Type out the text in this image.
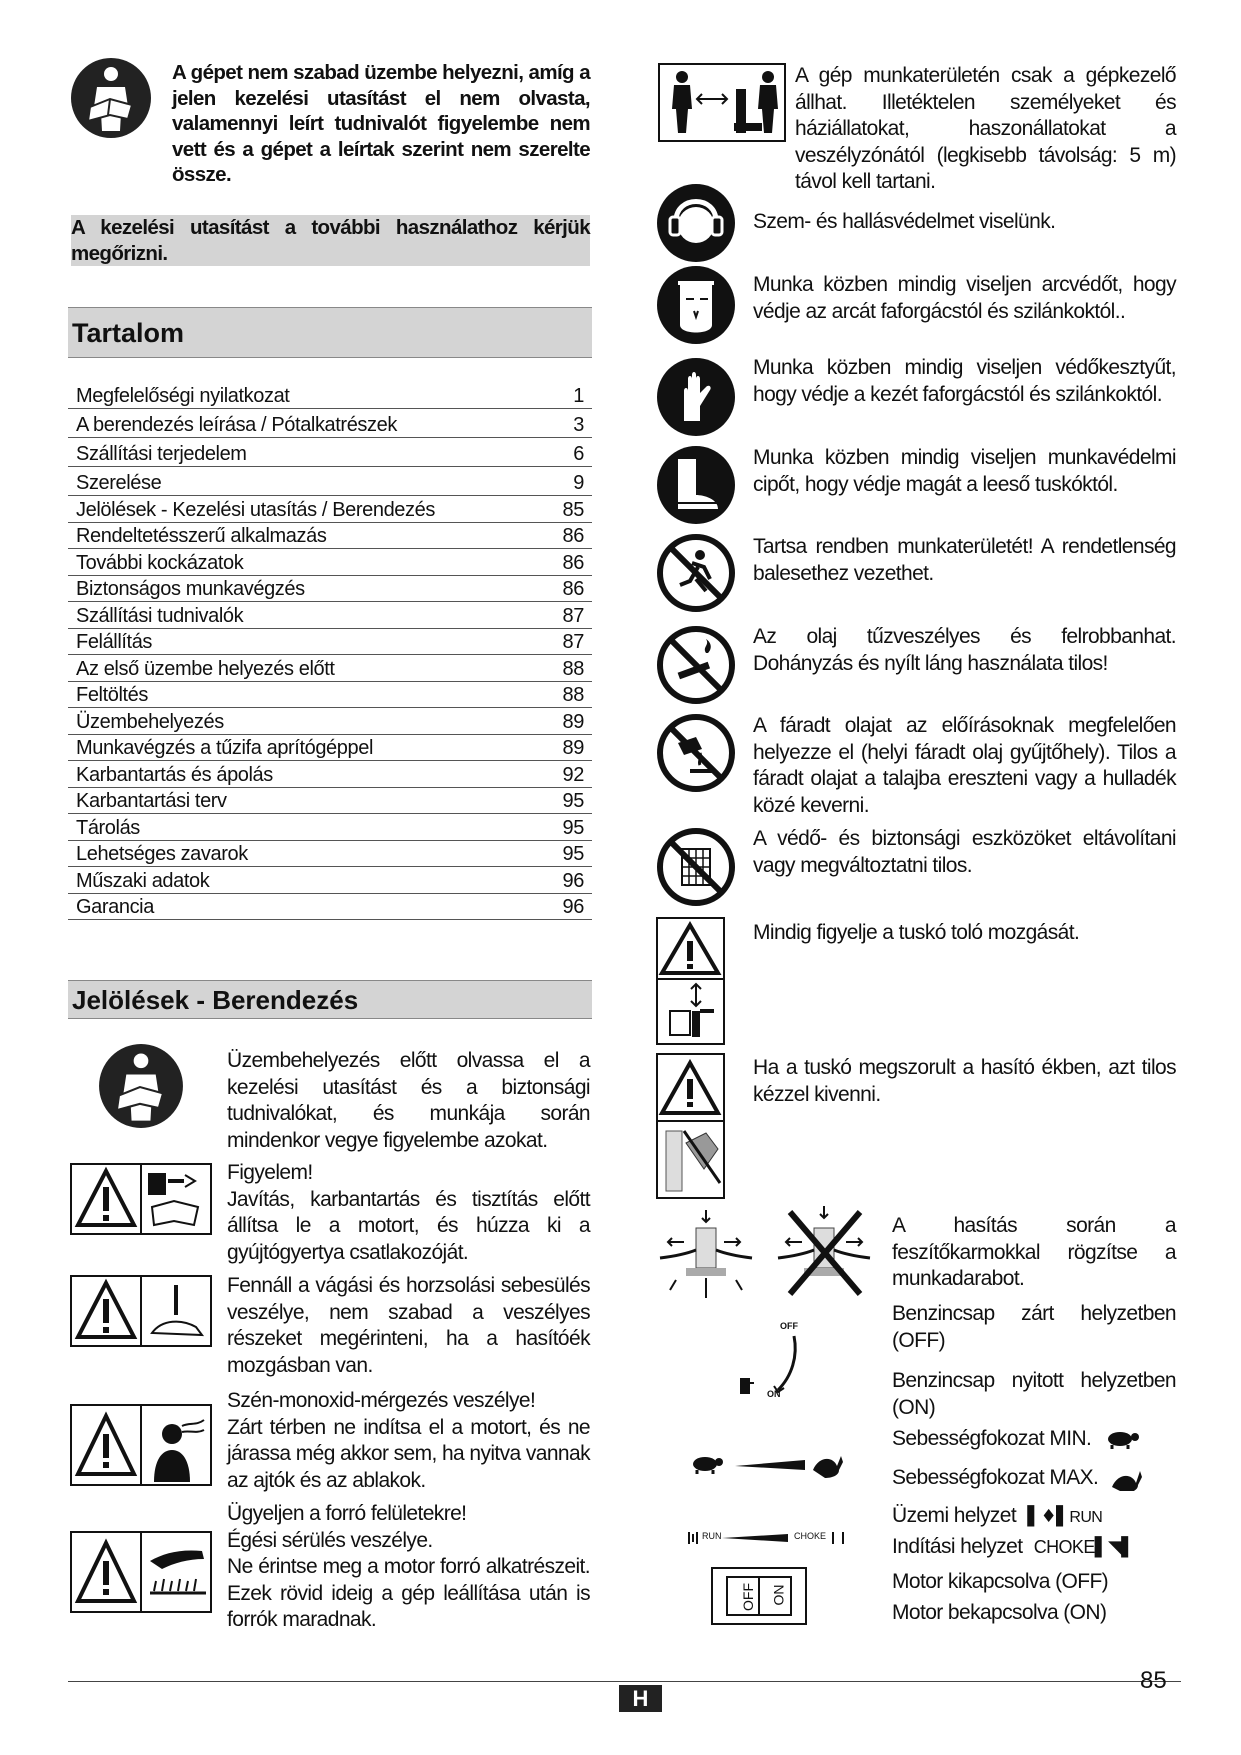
A gépet nem szabad üzembe helyezni, amíg a jelen kezelési utasítást el nem olvasta, valamennyi leírt tudnivalót figyelembe nem vett és a gépet a leírtak szerint nem szerelte össze.
A kezelési utasítást a további használathoz kérjük megőrizni.
Tartalom
Megfelelőségi nyilatkozat	1
A berendezés leírása / Pótalkatrészek	3
Szállítási terjedelem	6
Szerelése	9
Jelölések - Kezelési utasítás / Berendezés	85
Rendeltetésszerű alkalmazás	86
További kockázatok	86
Biztonságos munkavégzés	86
Szállítási tudnivalók	87
Felállítás	87
Az első üzembe helyezés előtt	88
Feltöltés	88
Üzembehelyezés	89
Munkavégzés a tűzifa aprítógéppel	89
Karbantartás és ápolás	92
Karbantartási terv	95
Tárolás	95
Lehetséges zavarok	95
Műszaki adatok	96
Garancia	96
Jelölések - Berendezés
Üzembehelyezés előtt olvassa el a kezelési utasítást és a biztonsági tudnivalókat, és munkája során mindenkor vegye figyelembe azokat.
Figyelem!
Javítás, karbantartás és tisztítás előtt állítsa le a motort, és húzza ki a gyújtógyertya csatlakozóját.
Fennáll a vágási és horzsolási sebesülés veszélye, nem szabad a veszélyes részeket megérinteni, ha a hasítóék mozgásban van.
Szén-monoxid-mérgezés veszélye!
Zárt térben ne indítsa el a motort, és ne járassa még akkor sem, ha nyitva vannak az ajtók és az ablakok.
Ügyeljen a forró felületekre!
Égési sérülés veszélye.
Ne érintse meg a motor forró alkatrészeit. Ezek rövid ideig a gép leállítása után is forrók maradnak.
A gép munkaterületén csak a gépkezelő állhat. Illetéktelen személyeket és háziállatokat, haszonállatokat a veszélyzónától (legkisebb távolság: 5 m) távol kell tartani.
Szem- és hallásvédelmet viselünk.
Munka közben mindig viseljen arcvédőt, hogy védje az arcát faforgácstól és szilánkoktól..
Munka közben mindig viseljen védőkesztyűt, hogy védje a kezét faforgácstól és szilánkoktól.
Munka közben mindig viseljen munkavédelmi cipőt, hogy védje magát a leeső tuskóktól.
Tartsa rendben munkaterületét! A rendetlenség balesethez vezethet.
Az olaj tűzveszélyes és felrobbanhat. Dohányzás és nyílt láng használata tilos!
A fáradt olajat az előírásoknak megfelelően helyezze el (helyi fáradt olaj gyűjtőhely). Tilos a fáradt olajat a talajba ereszteni vagy a hulladék közé keverni.
A védő- és biztonsági eszközöket eltávolítani vagy megváltoztatni tilos.
Mindig figyelje a tuskó toló mozgását.
Ha a tuskó megszorult a hasító ékben, azt tilos kézzel kivenni.
A hasítás során a feszítőkarmokkal rögzítse a munkadarabot.
OFF
ON
Benzincsap zárt helyzetben (OFF)
Benzincsap nyitott helyzetben (ON)
Sebességfokozat MIN.
Sebességfokozat MAX.
RUN	CHOKE
Üzemi helyzet ▌♦▌RUN
Indítási helyzet CHOKE▌◥▌
OFF ON
Motor kikapcsolva (OFF)
Motor bekapcsolva (ON)
H
85
